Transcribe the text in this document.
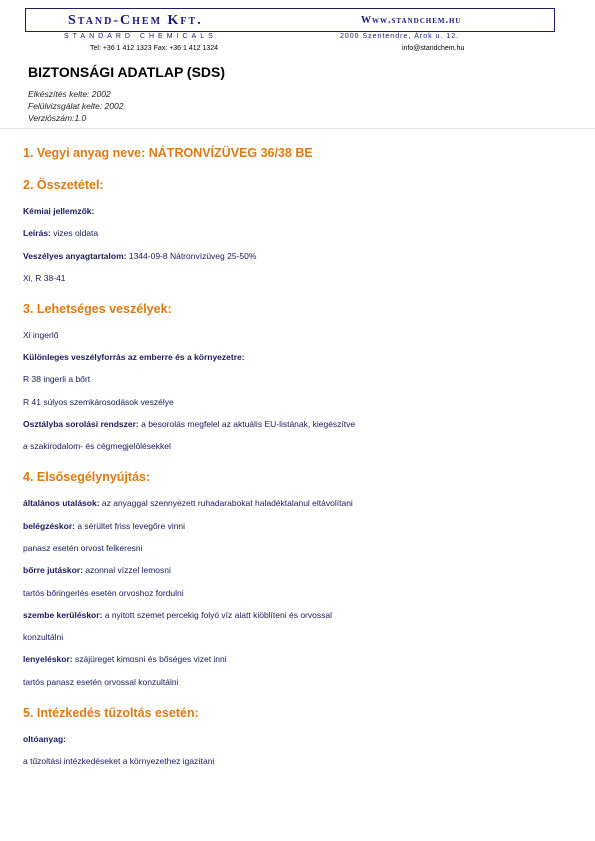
Stand-Chem Kft.	Www.standchem.hu
STANDARD CHEMICALS	2000 Szentendre, Árok u. 12.
Tel: +36 1 412 1323 Fax: +36 1 412 1324	info@standchem.hu
BIZTONSÁGI ADATLAP (SDS)
Elkészítés kelte: 2002
Felülvizsgálat kelte: 2002
Verziószám:1.0
1. Vegyi anyag neve: NÁTRONVÍZÜVEG 36/38 BE
2. Összetétel:
Kémiai jellemzők:
Leírás: vizes oldata
Veszélyes anyagtartalom: 1344-09-8 Nátronvízüveg 25-50%
Xi, R 38-41
3. Lehetséges veszélyek:
Xi ingerlő
Különleges veszélyforrás az emberre és a környezetre:
R 38 ingerli a bőrt
R 41 súlyos szemkárosodások veszélye
Osztályba sorolási rendszer: a besorolás megfelel az aktuális EU-listának, kiegészítve
a szakirodalom- és cégmegjelölésekkel
4. Elsősegélynyújtás:
általános utalások: az anyaggal szennyezett ruhadarabokat haladéktalanul eltávolítani
belégzéskor: a sérültet friss levegőre vinni
panasz esetén orvost felkeresni
bőrre jutáskor: azonnal vízzel lemosni
tartós bőringerlés esetén orvoshoz fordulni
szembe kerüléskor: a nyitott szemet percekig folyó víz alatt kiöblíteni és orvossal
konzultálni
lenyeléskor: szájüreget kimosni és bőséges vizet inni
tartós panasz esetén orvossal konzultálni
5. Intézkedés tűzoltás esetén:
oltóanyag:
a tűzoltási intézkedéseket a környezethez igazítani
